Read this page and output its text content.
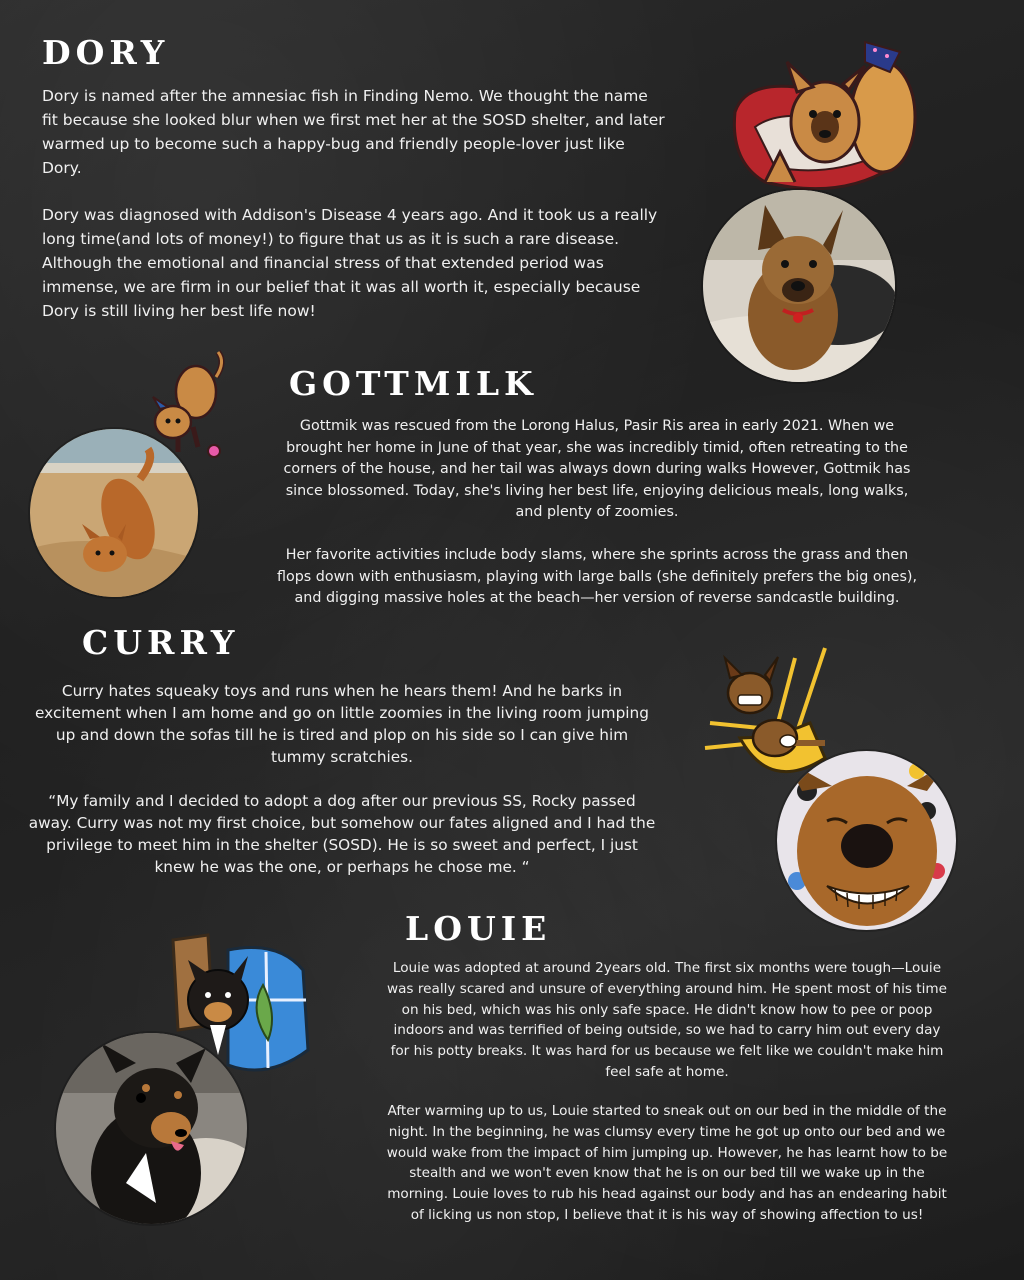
DORY

Dory is named after the amnesiac fish in Finding Nemo. We thought the name fit because she looked blur when we first met her at the SOSD shelter, and later warmed up to become such a happy-bug and friendly people-lover just like Dory.

Dory was diagnosed with Addison's Disease 4 years ago. And it took us a really long time(and lots of money!) to figure that us as it is such a rare disease. Although the emotional and financial stress of that extended period was immense, we are firm in our belief that it was all worth it, especially because Dory is still living her best life now!

GOTTMILK

Gottmik was rescued from the Lorong Halus, Pasir Ris area in early 2021. When we brought her home in June of that year, she was incredibly timid, often retreating to the corners of the house, and her tail was always down during walks However, Gottmik has since blossomed. Today, she's living her best life, enjoying delicious meals, long walks, and plenty of zoomies.

Her favorite activities include body slams, where she sprints across the grass and then flops down with enthusiasm, playing with large balls (she definitely prefers the big ones), and digging massive holes at the beach—her version of reverse sandcastle building.

CURRY

Curry hates squeaky toys and runs when he hears them! And he barks in excitement when I am home and go on little zoomies in the living room jumping up and down the sofas till he is tired and plop on his side so I can give him tummy scratchies.

“My family and I decided to adopt a dog after our previous SS, Rocky passed away. Curry was not my first choice, but somehow our fates aligned and I had the privilege to meet him in the shelter (SOSD). He is so sweet and perfect, I just knew he was the one, or perhaps he chose me. “

LOUIE

Louie was adopted at around 2years old. The first six months were tough—Louie was really scared and unsure of everything around him. He spent most of his time on his bed, which was his only safe space. He didn't know how to pee or poop indoors and was terrified of being outside, so we had to carry him out every day for his potty breaks. It was hard for us because we felt like we couldn't make him feel safe at home.

After warming up to us, Louie started to sneak out on our bed in the middle of the night. In the beginning, he was clumsy every time he got up onto our bed and we would wake from the impact of him jumping up. However, he has learnt how to be stealth and we won't even know that he is on our bed till we wake up in the morning. Louie loves to rub his head against our body and has an endearing habit of licking us non stop, I believe that it is his way of showing affection to us!
